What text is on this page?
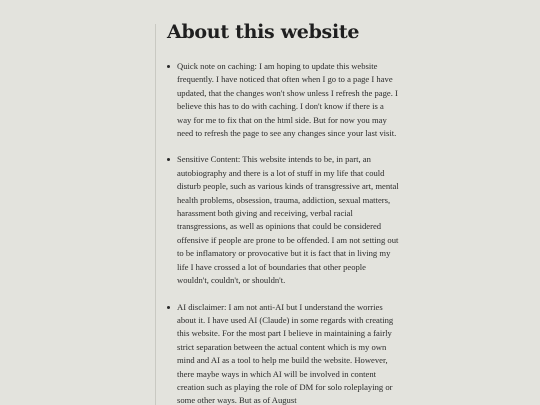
About this website
Quick note on caching: I am hoping to update this website frequently. I have noticed that often when I go to a page I have updated, that the changes won't show unless I refresh the page. I believe this has to do with caching. I don't know if there is a way for me to fix that on the html side. But for now you may need to refresh the page to see any changes since your last visit.
Sensitive Content: This website intends to be, in part, an autobiography and there is a lot of stuff in my life that could disturb people, such as various kinds of transgressive art, mental health problems, obsession, trauma, addiction, sexual matters, harassment both giving and receiving, verbal racial transgressions, as well as opinions that could be considered offensive if people are prone to be offended. I am not setting out to be inflamatory or provocative but it is fact that in living my life I have crossed a lot of boundaries that other people wouldn't, couldn't, or shouldn't.
AI disclaimer: I am not anti-AI but I understand the worries about it. I have used AI (Claude) in some regards with creating this website. For the most part I believe in maintaining a fairly strict separation between the actual content which is my own mind and AI as a tool to help me build the website. However, there maybe ways in which AI will be involved in content creation such as playing the role of DM for solo roleplaying or some other ways. But as of August
